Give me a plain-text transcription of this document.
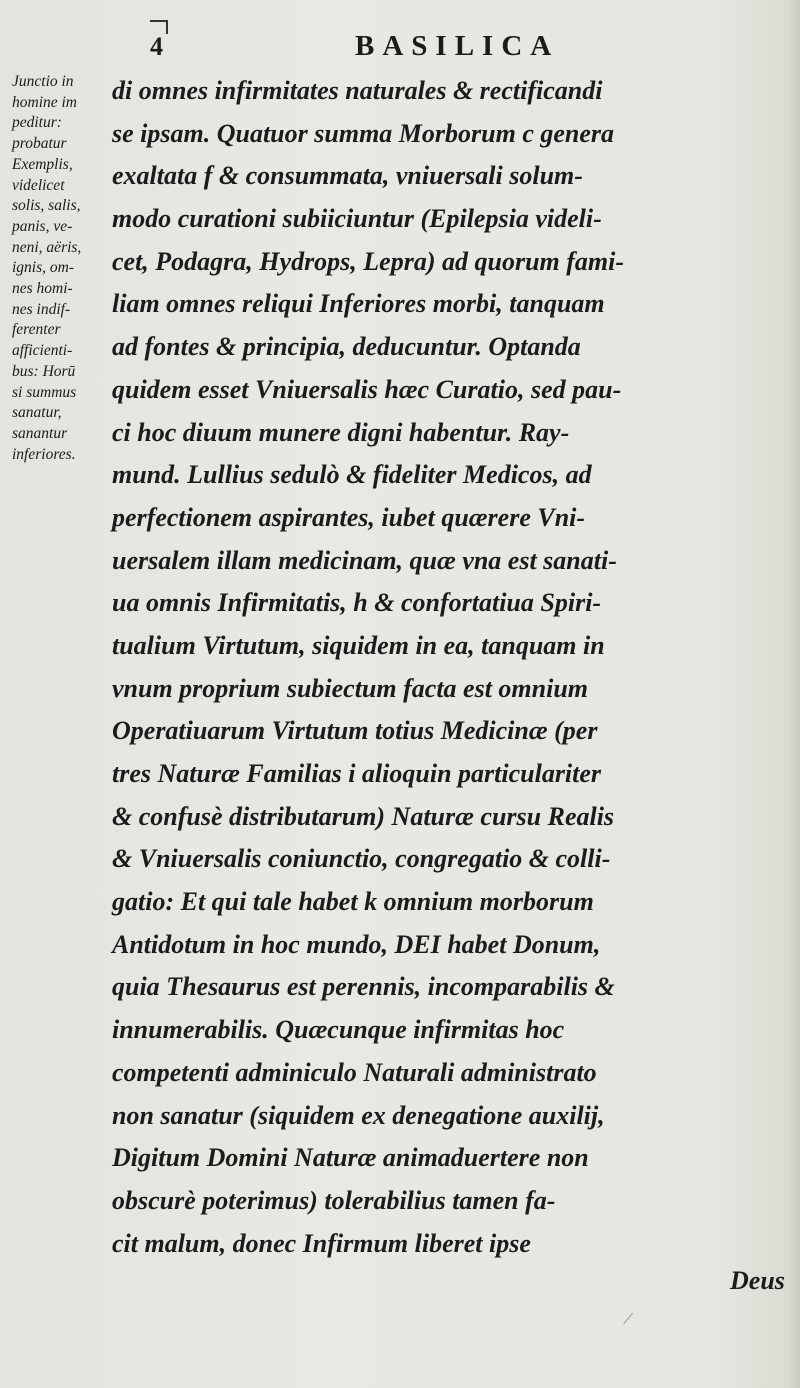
4	BASILICA
Junctio in
homine im
peditur:
probatur
Exemplis,
videlicet
solis, salis,
panis, ve-
neni, aëris,
ignis, om-
nes homi-
nes indif-
ferenter
afficienti-
bus: Horū
si summus
sanatur,
sanantur
inferiores.
di omnes infirmitates naturales & rectificandi
se ipsam. Quatuor summa Morborum c genera
exaltata f & consummata, vniuersali solum-
modo curationi subiiciuntur (Epilepsia videli-
cet, Podagra, Hydrops, Lepra) ad quorum fami-
liam omnes reliqui Inferiores morbi, tanquam
ad fontes & principia, deducuntur. Optanda
quidem esset Vniuersalis hæc Curatio, sed pau-
ci hoc diuum munere digni habentur. Ray-
mund. Lullius sedulò & fideliter Medicos, ad
perfectionem aspirantes, iubet quærere Vni-
uersalem illam medicinam, quæ vna est sanati-
ua omnis Infirmitatis, h & confortatiua Spiri-
tualium Virtutum, siquidem in ea, tanquam in
vnum proprium subiectum facta est omnium
Operatiuarum Virtutum totius Medicinæ (per
tres Naturæ Familias i alioquin particulariter
& confusè distributarum) Naturæ cursu Realis
& Vniuersalis coniunctio, congregatio & colli-
gatio: Et qui tale habet k omnium morborum
Antidotum in hoc mundo, DEI habet Donum,
quia Thesaurus est perennis, incomparabilis &
innumerabilis. Quæcunque infirmitas hoc
competenti adminiculo Naturali administrato
non sanatur (siquidem ex denegatione auxilij,
Digitum Domini Naturæ animaduertere non
obscurè poterimus) tolerabilius tamen fa-
cit malum, donec Infirmum liberet ipse
Deus
